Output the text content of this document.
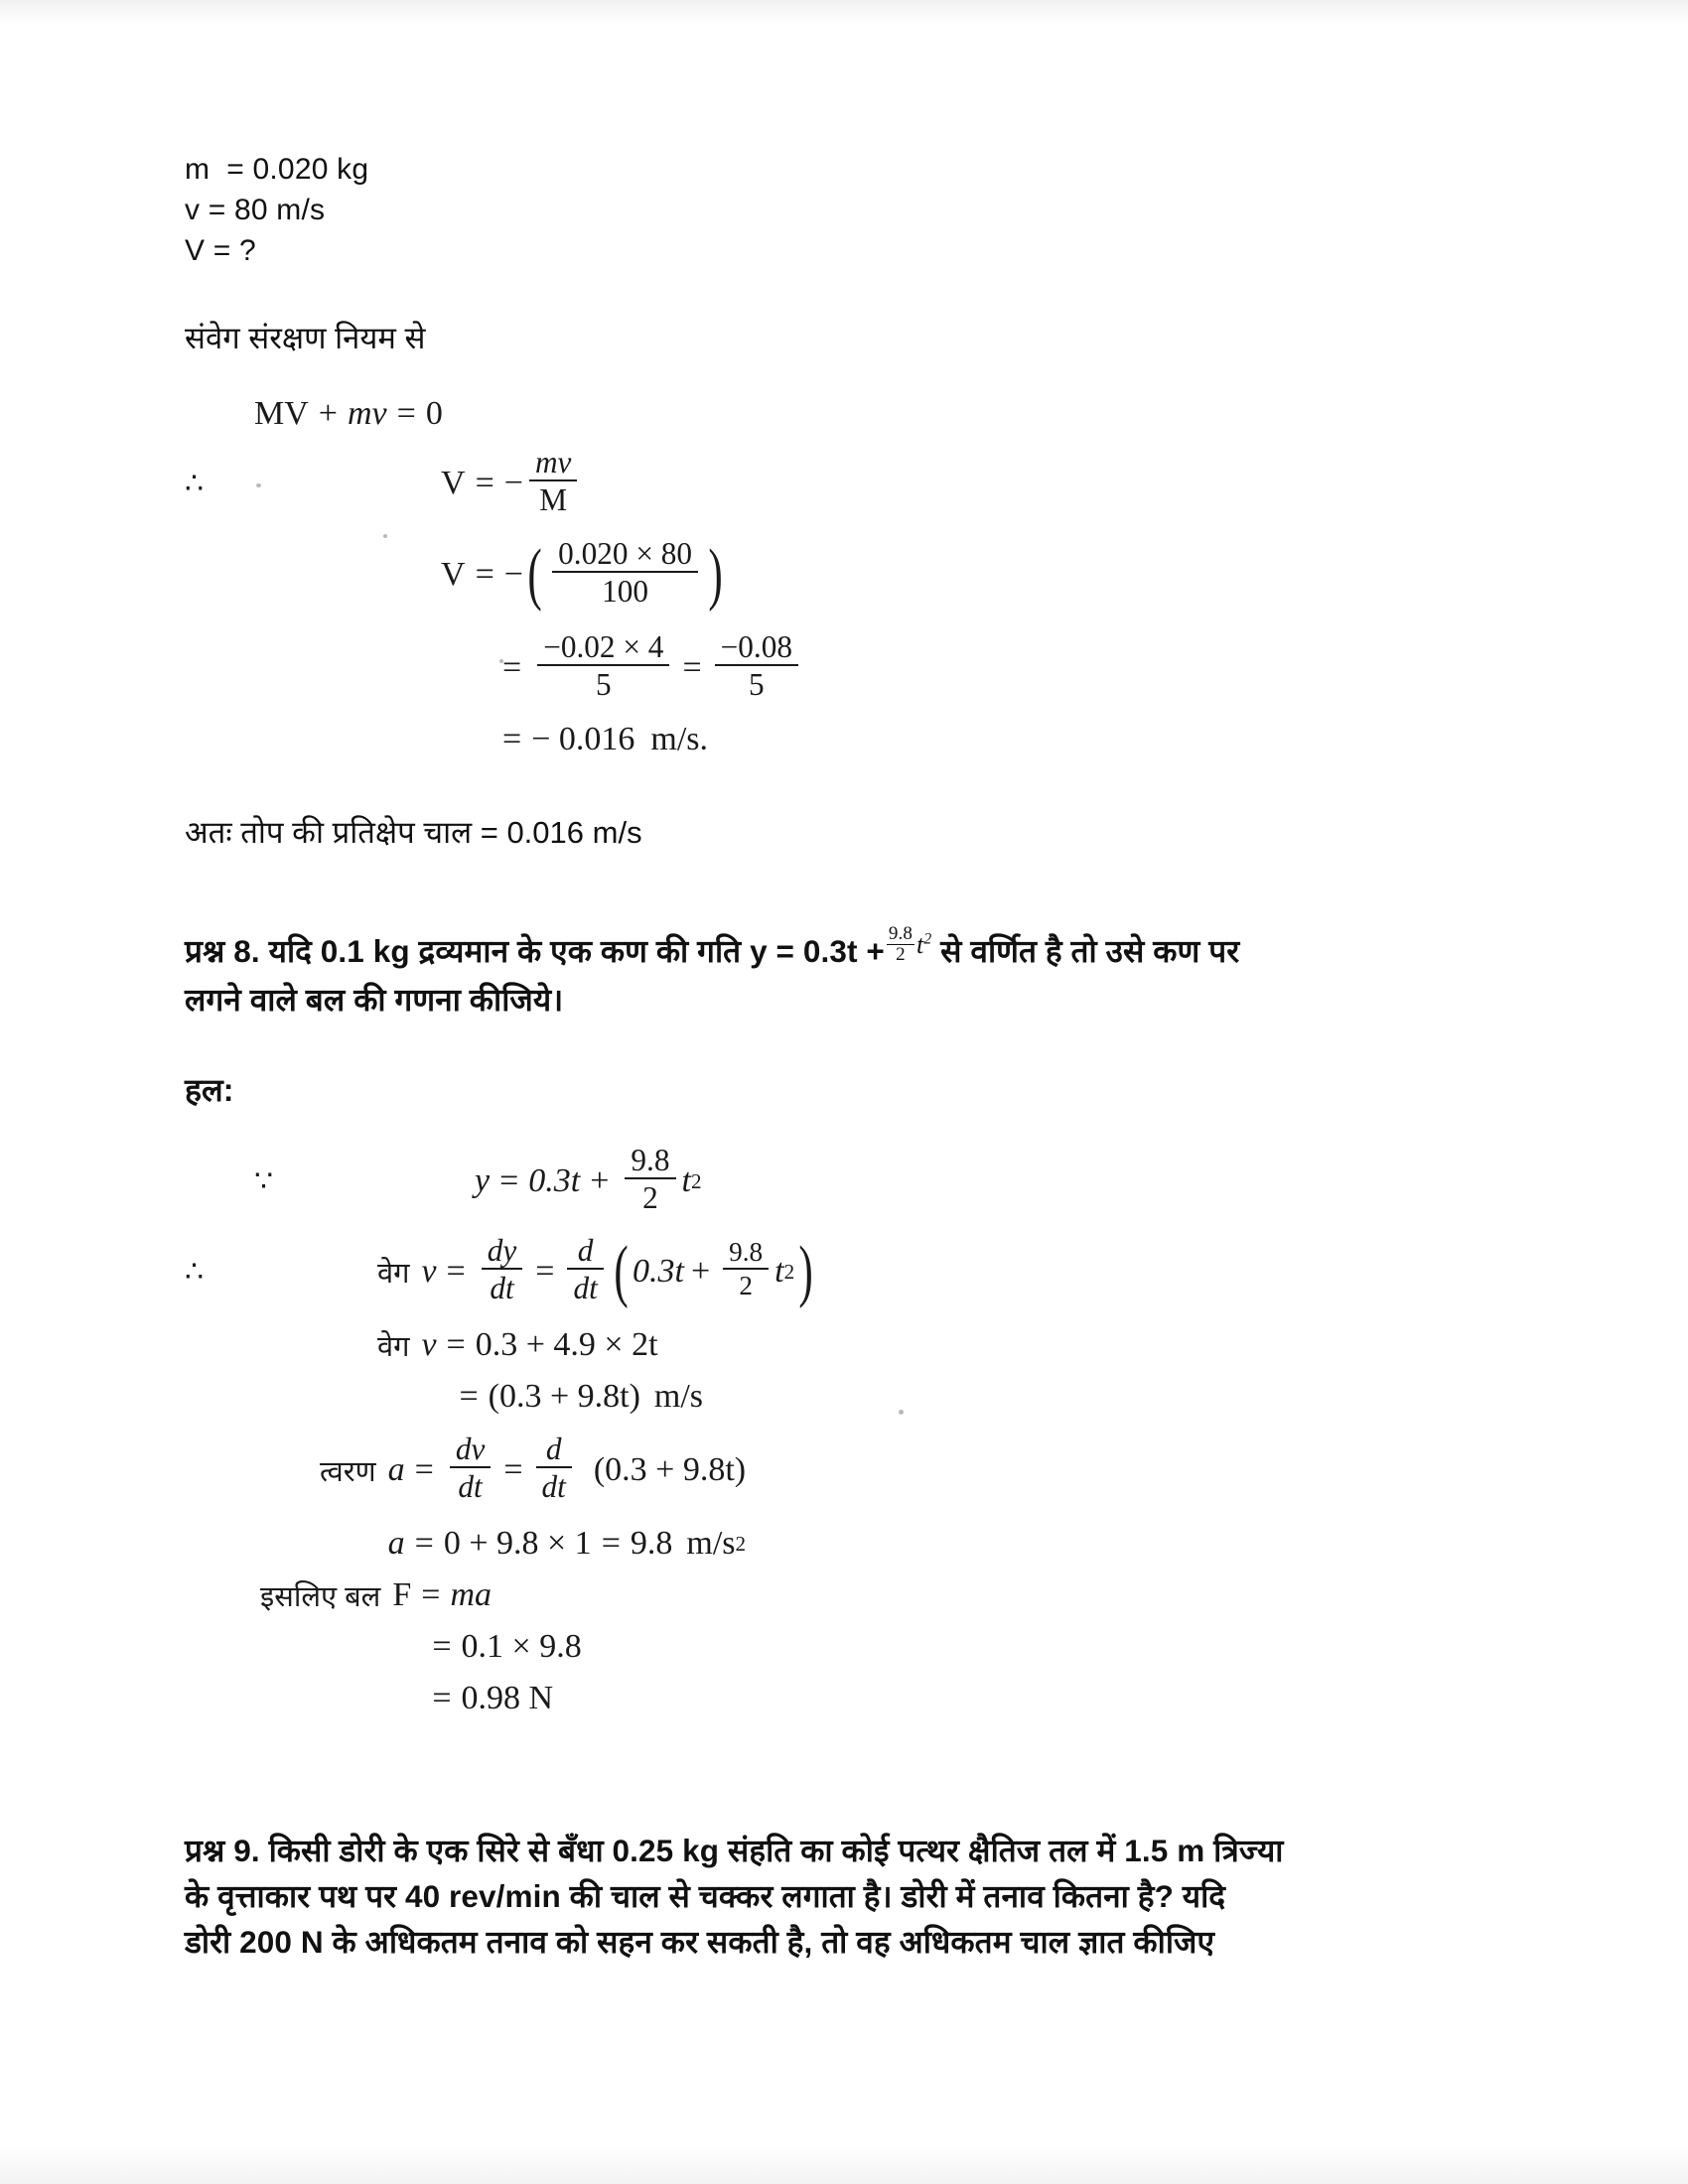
m  = 0.020 kg
v = 80 m/s
V = ?
संवेग संरक्षण नियम से
MV + mv = 0
∴	V = − $\frac{mv}{M}$
V = − ( $\frac{0.020 \times 80}{100}$ )
= $\frac{-0.02 \times 4}{5} = \frac{-0.08}{5}$
= − 0.016 m/s.
अतः तोप की प्रतिक्षेप चाल = 0.016 m/s
प्रश्न 8. यदि 0.1 kg द्रव्यमान के एक कण की गति $y = 0.3t + \frac{9.8}{2} ^{t^2}$ से वर्णित है तो उसे कण पर
लगने वाले बल की गणना कीजिये।
हल:
∵	$y = 0.3t + \frac{9.8}{2}$ t 2
∴	वेग $v = \frac{dy}{dt} = \frac{d}{dt}$ ( $0.3t + \frac{9.8}{2}$ t 2 )
वेग v = 0.3 + 4.9 × 2t
= (0.3 + 9.8t) m/s
त्वरण $a = \frac{dv}{dt} = \frac{d}{dt} (0.3 + 9.8t)$
a = 0 + 9.8 × 1 = 9.8 m/s 2
इसलिए बल F = ma
= 0.1 × 9.8
= 0.98 N
प्रश्न 9. किसी डोरी के एक सिरे से बँधा 0.25 kg संहति का कोई पत्थर क्षैतिज तल में 1.5 m त्रिज्या
के वृत्ताकार पथ पर 40 rev/min की चाल से चक्कर लगाता है। डोरी में तनाव कितना है? यदि
डोरी 200 N के अधिकतम तनाव को सहन कर सकती है, तो वह अधिकतम चाल ज्ञात कीजिए
